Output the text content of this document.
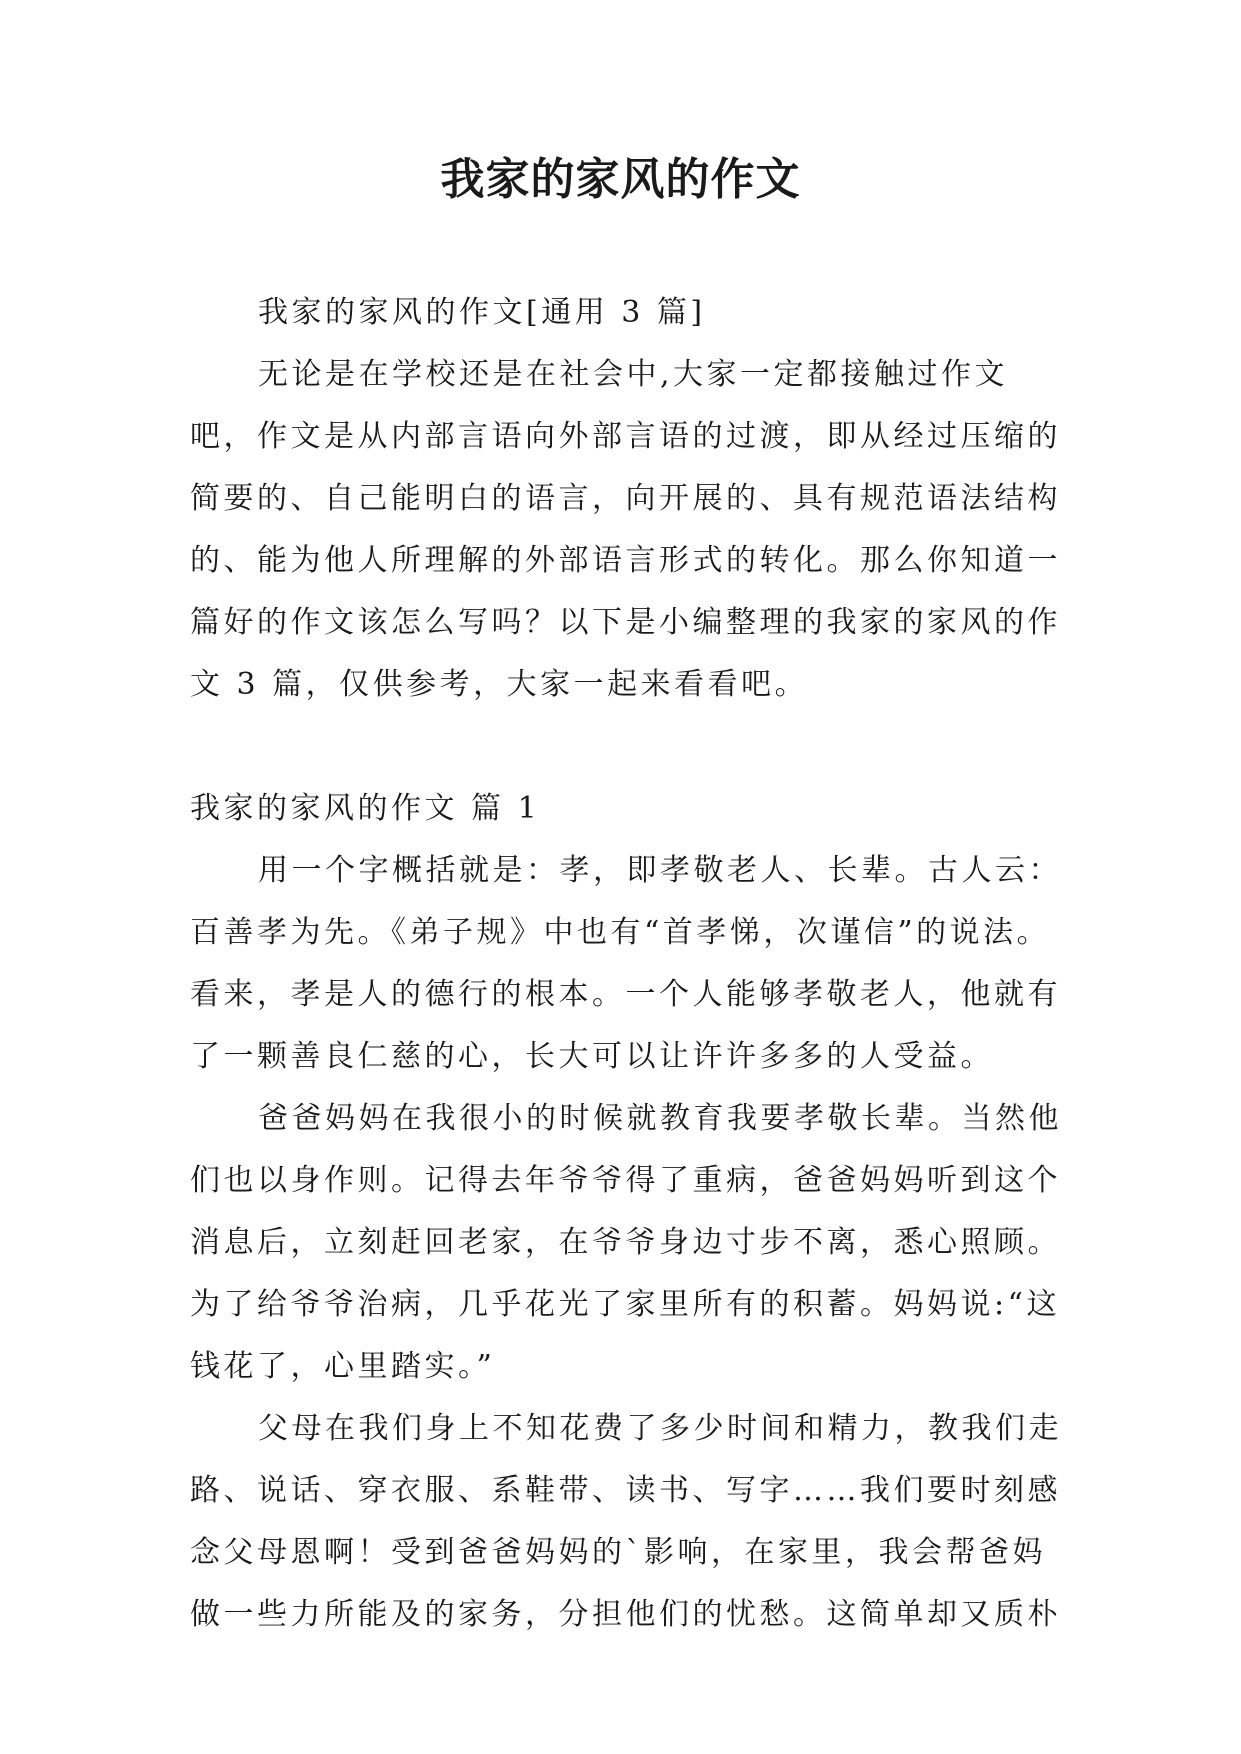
我家的家风的作文

我家的家风的作文[通用 3 篇]

无论是在学校还是在社会中,大家一定都接触过作文吧，作文是从内部言语向外部言语的过渡，即从经过压缩的简要的、自己能明白的语言，向开展的、具有规范语法结构的、能为他人所理解的外部语言形式的转化。那么你知道一篇好的作文该怎么写吗？以下是小编整理的我家的家风的作文 3 篇，仅供参考，大家一起来看看吧。

我家的家风的作文 篇 1

用一个字概括就是：孝，即孝敬老人、长辈。古人云：百善孝为先。《弟子规》中也有“首孝悌，次谨信”的说法。看来，孝是人的德行的根本。一个人能够孝敬老人，他就有了一颗善良仁慈的心，长大可以让许许多多的人受益。

爸爸妈妈在我很小的时候就教育我要孝敬长辈。当然他们也以身作则。记得去年爷爷得了重病，爸爸妈妈听到这个消息后，立刻赶回老家，在爷爷身边寸步不离，悉心照顾。为了给爷爷治病，几乎花光了家里所有的积蓄。妈妈说:“这钱花了，心里踏实。”

父母在我们身上不知花费了多少时间和精力，教我们走路、说话、穿衣服、系鞋带、读书、写字……我们要时刻感念父母恩啊！受到爸爸妈妈的`影响，在家里，我会帮爸妈做一些力所能及的家务，分担他们的忧愁。这简单却又质朴
